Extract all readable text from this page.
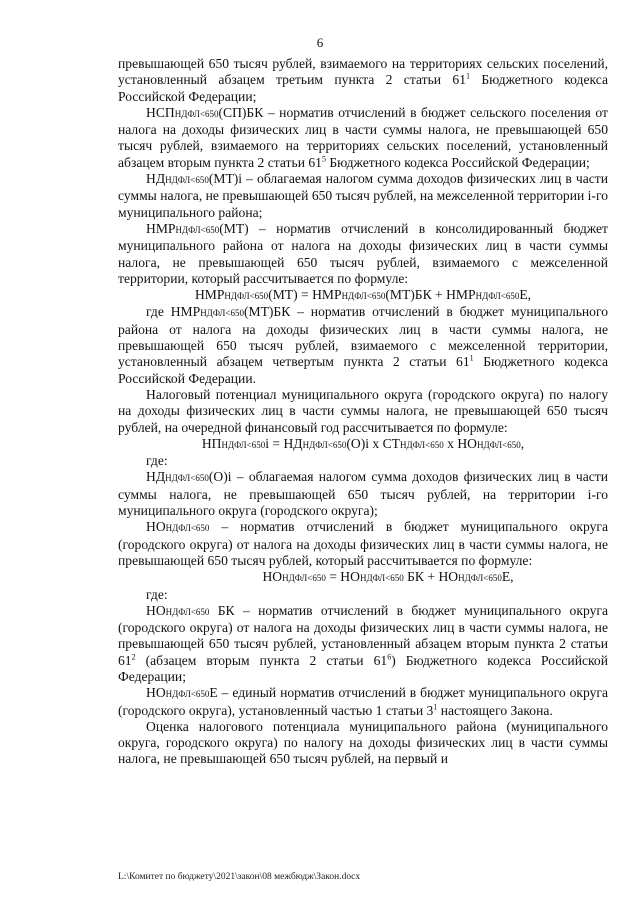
6

превышающей 650 тысяч рублей, взимаемого на территориях сельских поселений, установленный абзацем третьим пункта 2 статьи $61^1$ Бюджетного кодекса Российской Федерации;

НСПНДФЛ<650(СП)БК – норматив отчислений в бюджет сельского поселения от налога на доходы физических лиц в части суммы налога, не превышающей 650 тысяч рублей, взимаемого на территориях сельских поселений, установленный абзацем вторым пункта 2 статьи $61^5$ Бюджетного кодекса Российской Федерации;

НДНДФЛ<650(МТ)i – облагаемая налогом сумма доходов физических лиц в части суммы налога, не превышающей 650 тысяч рублей, на межселенной территории i-го муниципального района;

НМРНДФЛ<650(МТ) – норматив отчислений в консолидированный бюджет муниципального района от налога на доходы физических лиц в части суммы налога, не превышающей 650 тысяч рублей, взимаемого с межселенной территории, который рассчитывается по формуле:

НМРНДФЛ<650(МТ) = НМРНДФЛ<650(МТ)БК + НМРНДФЛ<650Е,

где НМРНДФЛ<650(МТ)БК – норматив отчислений в бюджет муниципального района от налога на доходы физических лиц в части суммы налога, не превышающей 650 тысяч рублей, взимаемого с межселенной территории, установленный абзацем четвертым пункта 2 статьи $61^1$ Бюджетного кодекса Российской Федерации.

Налоговый потенциал муниципального округа (городского округа) по налогу на доходы физических лиц в части суммы налога, не превышающей 650 тысяч рублей, на очередной финансовый год рассчитывается по формуле:

НПНДФЛ<650i = НДНДФЛ<650(О)i x СТНДФЛ<650 x НОНДФЛ<650,

где:

НДНДФЛ<650(О)i – облагаемая налогом сумма доходов физических лиц в части суммы налога, не превышающей 650 тысяч рублей, на территории i-го муниципального округа (городского округа);

НОНДФЛ<650 – норматив отчислений в бюджет муниципального округа (городского округа) от налога на доходы физических лиц в части суммы налога, не превышающей 650 тысяч рублей, который рассчитывается по формуле:

НОНДФЛ<650 = НОНДФЛ<650 БК + НОНДФЛ<650Е,

где:

НОНДФЛ<650 БК – норматив отчислений в бюджет муниципального округа (городского округа) от налога на доходы физических лиц в части суммы налога, не превышающей 650 тысяч рублей, установленный абзацем вторым пункта 2 статьи $61^2$ (абзацем вторым пункта 2 статьи $61^6$) Бюджетного кодекса Российской Федерации;

НОНДФЛ<650Е – единый норматив отчислений в бюджет муниципального округа (городского округа), установленный частью 1 статьи $3^1$ настоящего Закона.

Оценка налогового потенциала муниципального района (муниципального округа, городского округа) по налогу на доходы физических лиц в части суммы налога, не превышающей 650 тысяч рублей, на первый и

L:\Комитет по бюджету\2021\закон\08 межбюдж\Закон.docx
